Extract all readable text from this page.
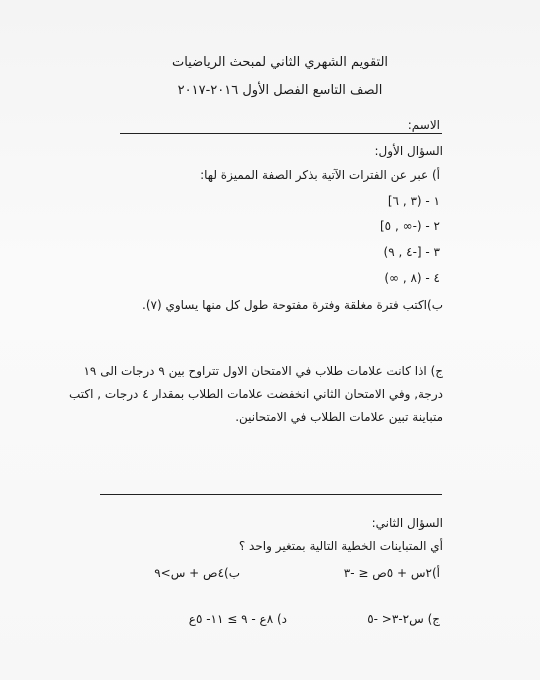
التقويم الشهري الثاني لمبحث الرياضيات
الصف التاسع الفصل الأول ٢٠١٦-٢٠١٧
الاسم:
السؤال الأول:
أ) عبر عن الفترات الآتية بذكر الصفة المميزة لها:
١ - (٣ , ٦]
٢ - (-∞ , ٥]
٣ - [-٤ , ٩)
٤ - (٨ , ∞)
ب)اكتب فترة مغلقة وفترة مفتوحة طول كل منها يساوي (٧).
ج) اذا كانت علامات طلاب في الامتحان الاول تتراوح بين ٩ درجات الى ١٩
درجة, وفي الامتحان الثاني انخفضت علامات الطلاب بمقدار ٤ درجات , اكتب
متباينة تبين علامات الطلاب في الامتحانين.
السؤال الثاني:
أي المتباينات الخطية التالية بمتغير واحد ؟
أ)٢س + ٥ص ≤ -٣
ب)٤ص + س>٩
ج) س٢-٣< -٥
د) ٨ع - ٩ ≥ ١١- ٥ع
